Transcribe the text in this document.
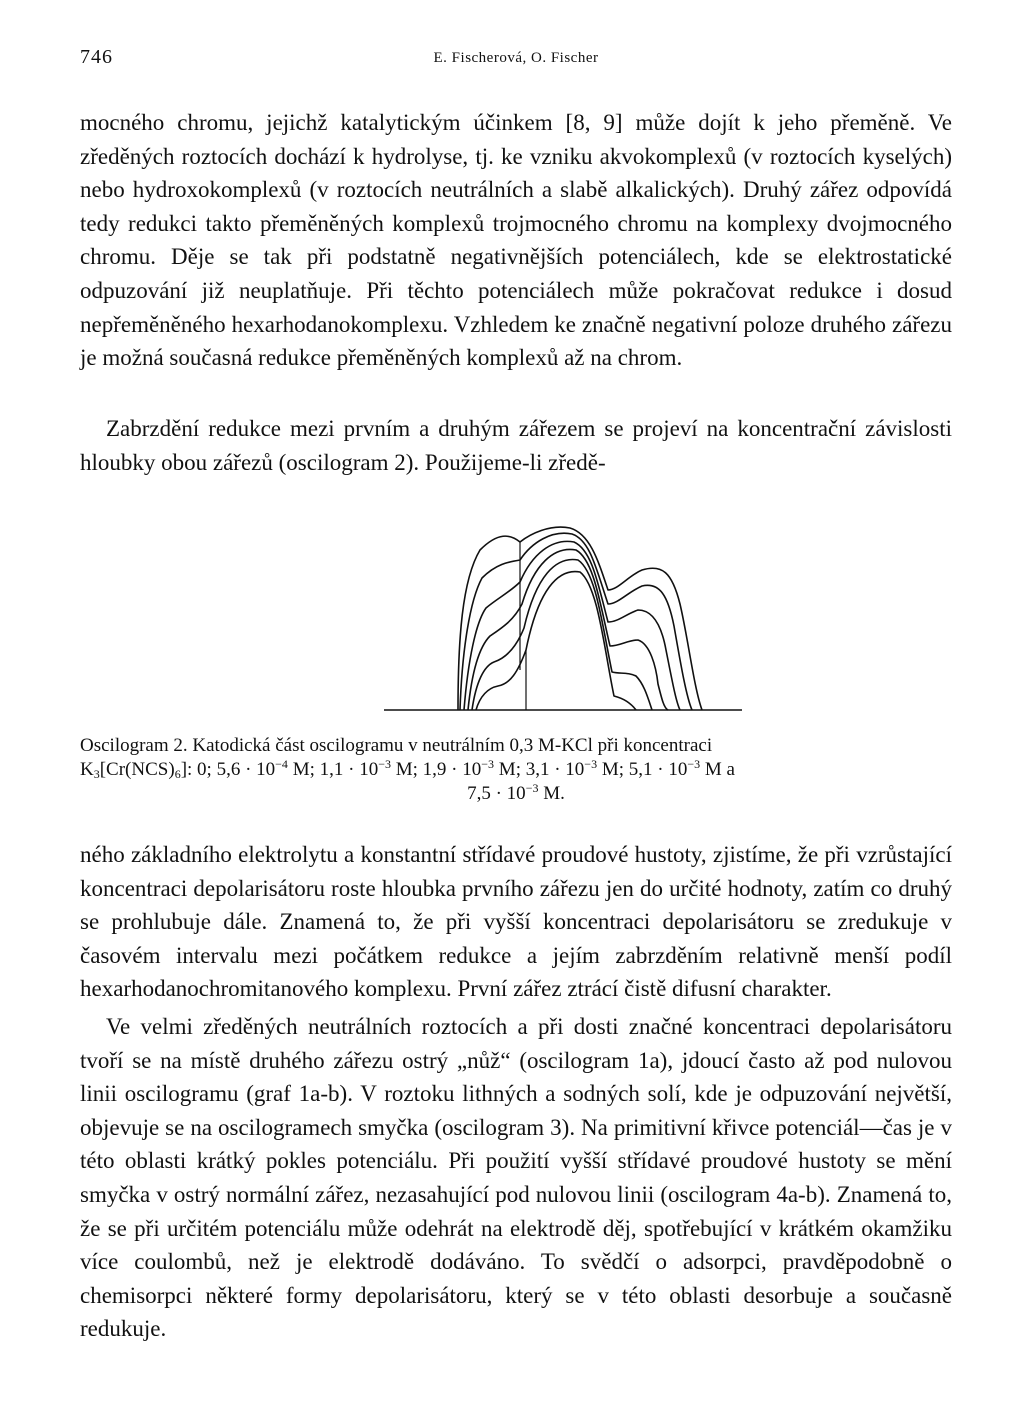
746	E. Fischerová, O. Fischer

mocného chromu, jejichž katalytickým účinkem [8, 9] může dojít k jeho přeměně. Ve zředěných roztocích dochází k hydrolyse, tj. ke vzniku akvokomplexů (v roztocích kyselých) nebo hydroxokomplexů (v roztocích neutrálních a slabě alkalických). Druhý zářez odpovídá tedy redukci takto přeměněných komplexů trojmocného chromu na komplexy dvojmocného chromu. Děje se tak při podstatně negativnějších potenciálech, kde se elektrostatické odpuzování již neuplatňuje. Při těchto potenciálech může pokračovat redukce i dosud nepřeměněného hexarhodanokomplexu. Vzhledem ke značně negativní poloze druhého zářezu je možná současná redukce přeměněných komplexů až na chrom.

Zabrzdění redukce mezi prvním a druhým zářezem se projeví na koncentrační závislosti hloubky obou zářezů (oscilogram 2). Použijeme-li zředě-

Oscilogram 2. Katodická část oscilogramu v neutrálním 0,3 M-KCl při koncentraci
$K_3[Cr(NCS)_6]$: 0; $5,6 \cdot 10^{-4}$ M; $1,1 \cdot 10^{-3}$ M; $1,9 \cdot 10^{-3}$ M; $3,1 \cdot 10^{-3}$ M; $5,1 \cdot 10^{-3}$ M a
$7,5 \cdot 10^{-3}$ M.

ného základního elektrolytu a konstantní střídavé proudové hustoty, zjistíme, že při vzrůstající koncentraci depolarisátoru roste hloubka prvního zářezu jen do určité hodnoty, zatím co druhý se prohlubuje dále. Znamená to, že při vyšší koncentraci depolarisátoru se zredukuje v časovém intervalu mezi počátkem redukce a jejím zabrzděním relativně menší podíl hexarhodanochromitanového komplexu. První zářez ztrácí čistě difusní charakter.

Ve velmi zředěných neutrálních roztocích a při dosti značné koncentraci depolarisátoru tvoří se na místě druhého zářezu ostrý „nůž“ (oscilogram 1a), jdoucí často až pod nulovou linii oscilogramu (graf 1a-b). V roztoku lithných a sodných solí, kde je odpuzování největší, objevuje se na oscilogramech smyčka (oscilogram 3). Na primitivní křivce potenciál—čas je v této oblasti krátký pokles potenciálu. Při použití vyšší střídavé proudové hustoty se mění smyčka v ostrý normální zářez, nezasahující pod nulovou linii (oscilogram 4a-b). Znamená to, že se při určitém potenciálu může odehrát na elektrodě děj, spotřebující v krátkém okamžiku více coulombů, než je elektrodě dodáváno. To svědčí o adsorpci, pravděpodobně o chemisorpci některé formy depolarisátoru, který se v této oblasti desorbuje a současně redukuje.
